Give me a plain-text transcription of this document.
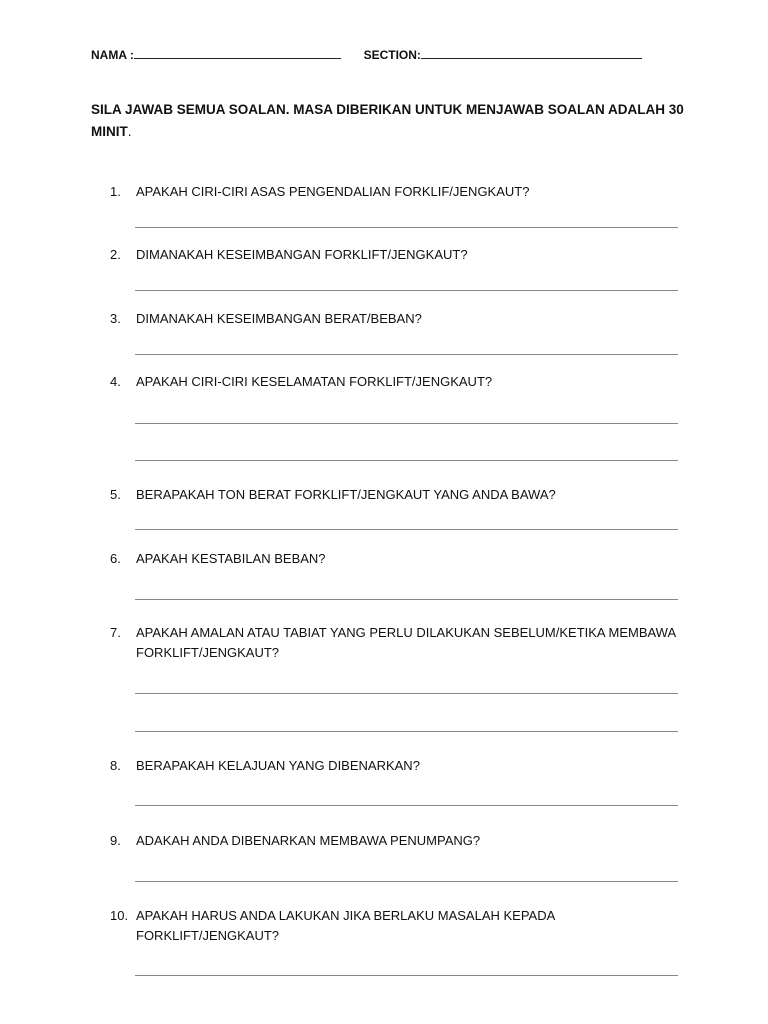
NAMA :	SECTION:
SILA JAWAB SEMUA SOALAN. MASA DIBERIKAN UNTUK MENJAWAB SOALAN ADALAH 30 MINIT.
1.	APAKAH CIRI-CIRI ASAS PENGENDALIAN FORKLIF/JENGKAUT?
2.	DIMANAKAH KESEIMBANGAN FORKLIFT/JENGKAUT?
3.	DIMANAKAH KESEIMBANGAN BERAT/BEBAN?
4.	APAKAH CIRI-CIRI KESELAMATAN FORKLIFT/JENGKAUT?
5.	BERAPAKAH TON BERAT FORKLIFT/JENGKAUT YANG ANDA BAWA?
6.	APAKAH KESTABILAN BEBAN?
7.	APAKAH AMALAN ATAU TABIAT YANG PERLU DILAKUKAN SEBELUM/KETIKA MEMBAWA FORKLIFT/JENGKAUT?
8.	BERAPAKAH KELAJUAN YANG DIBENARKAN?
9.	ADAKAH ANDA DIBENARKAN MEMBAWA PENUMPANG?
10. APAKAH HARUS ANDA LAKUKAN JIKA BERLAKU MASALAH KEPADA FORKLIFT/JENGKAUT?
